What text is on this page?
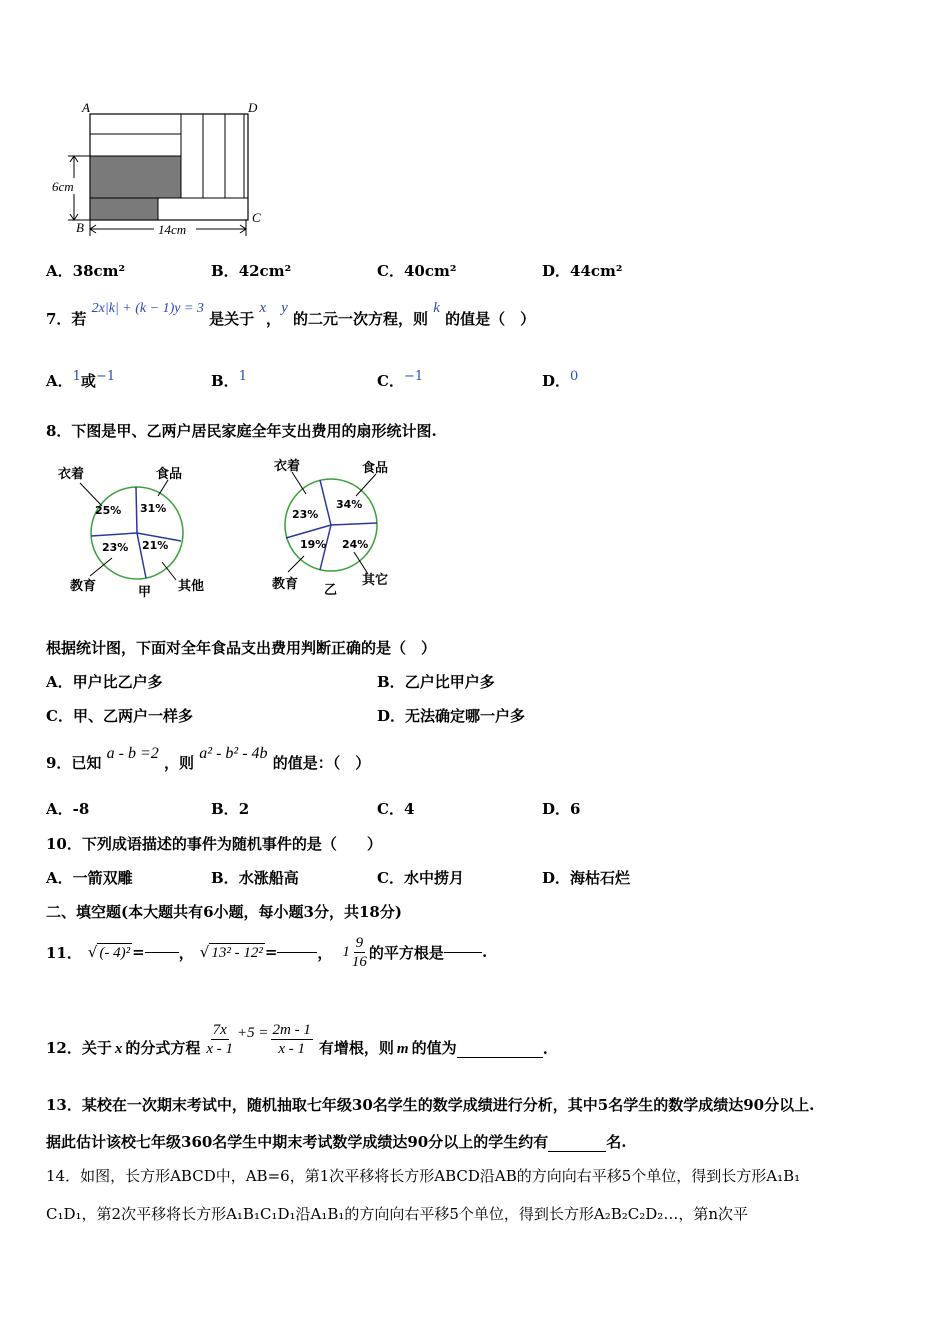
A	D
B
C
6cm
14cm
A．38cm²	B．42cm²	C．40cm²	D．44cm²
7．若 2x|k| + (k − 1)y = 3 是关于 x，y 的二元一次方程，则 k 的值是（　）
A．1或−1	B．1	C．−1	D．0
8．下图是甲、乙两户居民家庭全年支出费用的扇形统计图.
衣着	食品
教育	其他
甲
25% 31%
23% 21%
衣着	食品
教育	其它
乙
23%
34%
19% 24%
根据统计图，下面对全年食品支出费用判断正确的是（　）
A．甲户比乙户多	B．乙户比甲户多
C．甲、乙两户一样多	D．无法确定哪一户多
9．已知 a - b =2 ，则 a² - b² - 4b 的值是：（　）
A．-8	B．2	C．4	D．6
10．下列成语描述的事件为随机事件的是（　　）
A．一箭双雕	B．水涨船高	C．水中捞月	D．海枯石烂
二、填空题(本大题共有6小题，每小题3分，共18分)
11． √ (- 4)² = ， √ 13² - 12² =	， $1 \frac{9}{16}$ 的平方根是	.
12．关于 x 的分式方程 $\frac{7x}{x - 1} +5 = \frac{2m - 1}{x - 1}$ 有增根，则 m 的值为	.
13．某校在一次期末考试中，随机抽取七年级30名学生的数学成绩进行分析，其中5名学生的数学成绩达90分以上.
据此估计该校七年级360名学生中期末考试数学成绩达90分以上的学生约有	名.
14．如图，长方形ABCD中，AB=6，第1次平移将长方形ABCD沿AB的方向向右平移5个单位，得到长方形A₁B₁
C₁D₁，第2次平移将长方形A₁B₁C₁D₁沿A₁B₁的方向向右平移5个单位，得到长方形A₂B₂C₂D₂…，第n次平
